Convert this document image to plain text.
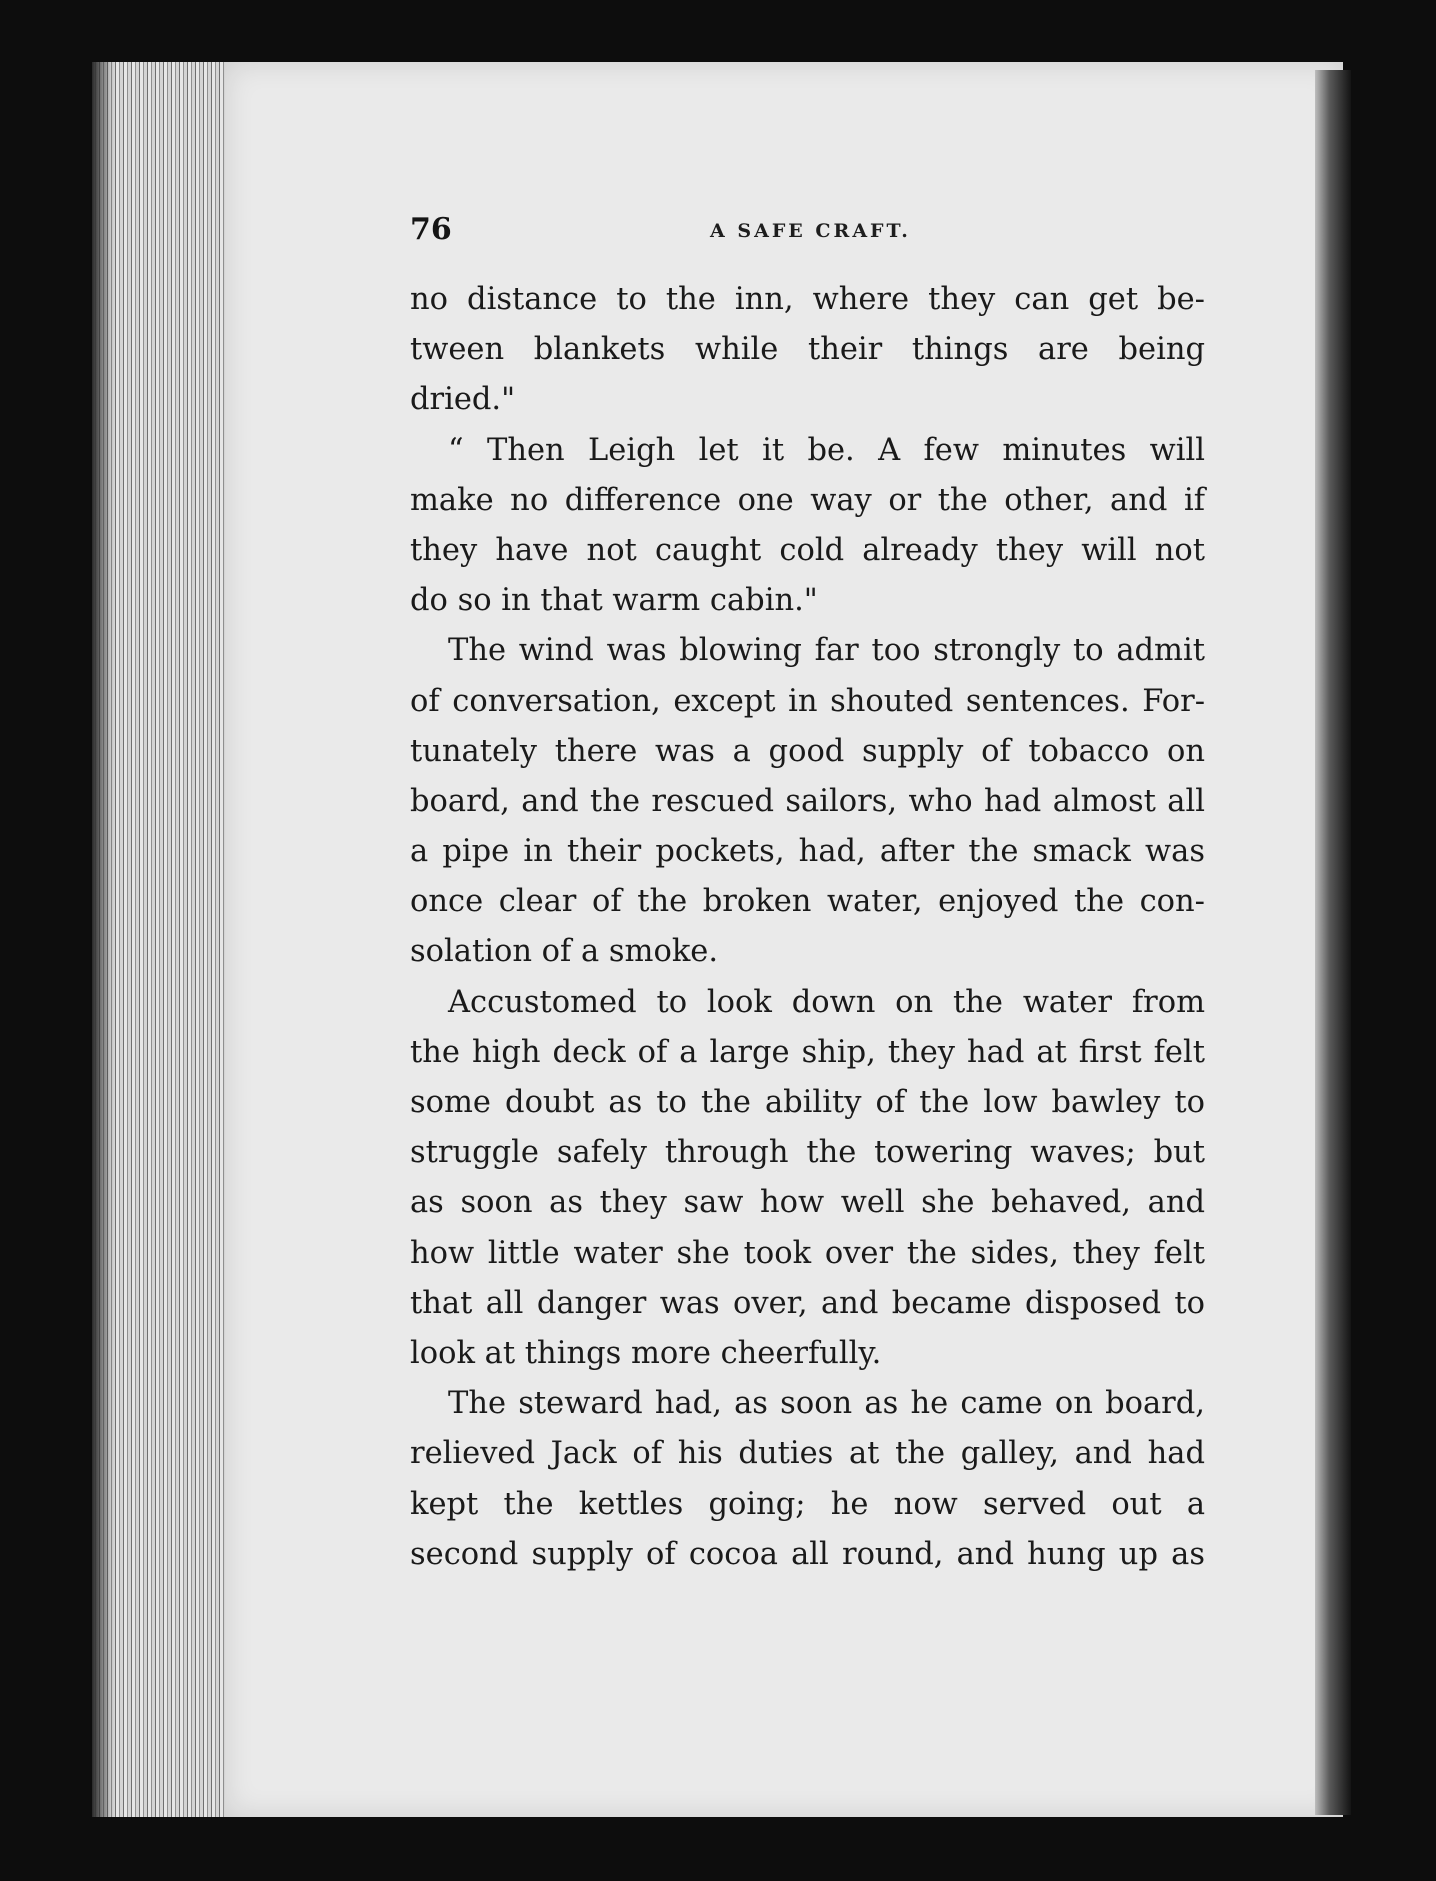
76	A SAFE CRAFT.
no distance to the inn, where they can get be-
tween blankets while their things are being
dried."
“ Then Leigh let it be. A few minutes will
make no difference one way or the other, and if
they have not caught cold already they will not
do so in that warm cabin."
The wind was blowing far too strongly to admit
of conversation, except in shouted sentences. For-
tunately there was a good supply of tobacco on
board, and the rescued sailors, who had almost all
a pipe in their pockets, had, after the smack was
once clear of the broken water, enjoyed the con-
solation of a smoke.
Accustomed to look down on the water from
the high deck of a large ship, they had at first felt
some doubt as to the ability of the low bawley to
struggle safely through the towering waves; but
as soon as they saw how well she behaved, and
how little water she took over the sides, they felt
that all danger was over, and became disposed to
look at things more cheerfully.
The steward had, as soon as he came on board,
relieved Jack of his duties at the galley, and had
kept the kettles going; he now served out a
second supply of cocoa all round, and hung up as
